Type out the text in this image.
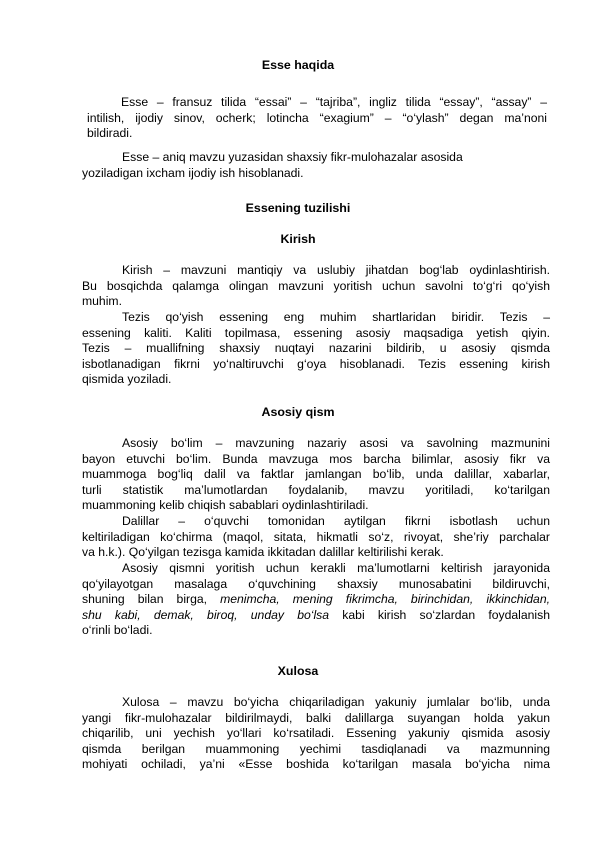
Esse haqida

Esse – fransuz tilida “essai” – “tajriba”, ingliz tilida “essay”, “assay” –
intilish, ijodiy sinov, ocherk; lotincha “exagium” – “o‘ylash” degan ma’noni
bildiradi.
Esse – aniq mavzu yuzasidan shaxsiy fikr-mulohazalar asosida
yoziladigan ixcham ijodiy ish hisoblanadi.

Essening tuzilishi

Kirish

Kirish – mavzuni mantiqiy va uslubiy jihatdan bog‘lab oydinlashtirish.
Bu bosqichda qalamga olingan mavzuni yoritish uchun savolni to‘g‘ri qo‘yish
muhim.
Tezis qo‘yish essening eng muhim shartlaridan biridir. Tezis –
essening kaliti. Kaliti topilmasa, essening asosiy maqsadiga yetish qiyin.
Tezis – muallifning shaxsiy nuqtayi nazarini bildirib, u asosiy qismda
isbotlanadigan fikrni yo‘naltiruvchi g‘oya hisoblanadi. Tezis essening kirish
qismida yoziladi.

Asosiy qism

Asosiy bo‘lim – mavzuning nazariy asosi va savolning mazmunini
bayon etuvchi bo‘lim. Bunda mavzuga mos barcha bilimlar, asosiy fikr va
muammoga bog‘liq dalil va faktlar jamlangan bo‘lib, unda dalillar, xabarlar,
turli statistik ma’lumotlardan foydalanib, mavzu yoritiladi, ko‘tarilgan
muammoning kelib chiqish sabablari oydinlashtiriladi.
Dalillar – o‘quvchi tomonidan aytilgan fikrni isbotlash uchun
keltiriladigan ko‘chirma (maqol, sitata, hikmatli so‘z, rivoyat, she’riy parchalar
va h.k.). Qo‘yilgan tezisga kamida ikkitadan dalillar keltirilishi kerak.
Asosiy qismni yoritish uchun kerakli ma’lumotlarni keltirish jarayonida
qo‘yilayotgan masalaga o‘quvchining shaxsiy munosabatini bildiruvchi,
shuning bilan birga, menimcha, mening fikrimcha, birinchidan, ikkinchidan,
shu kabi, demak, biroq, unday bo‘lsa kabi kirish so‘zlardan foydalanish
o‘rinli bo‘ladi.

Xulosa

Xulosa – mavzu bo‘yicha chiqariladigan yakuniy jumlalar bo‘lib, unda
yangi fikr-mulohazalar bildirilmaydi, balki dalillarga suyangan holda yakun
chiqarilib, uni yechish yo‘llari ko‘rsatiladi. Essening yakuniy qismida asosiy
qismda berilgan muammoning yechimi tasdiqlanadi va mazmunning
mohiyati ochiladi, ya’ni «Esse boshida ko‘tarilgan masala bo‘yicha nima
